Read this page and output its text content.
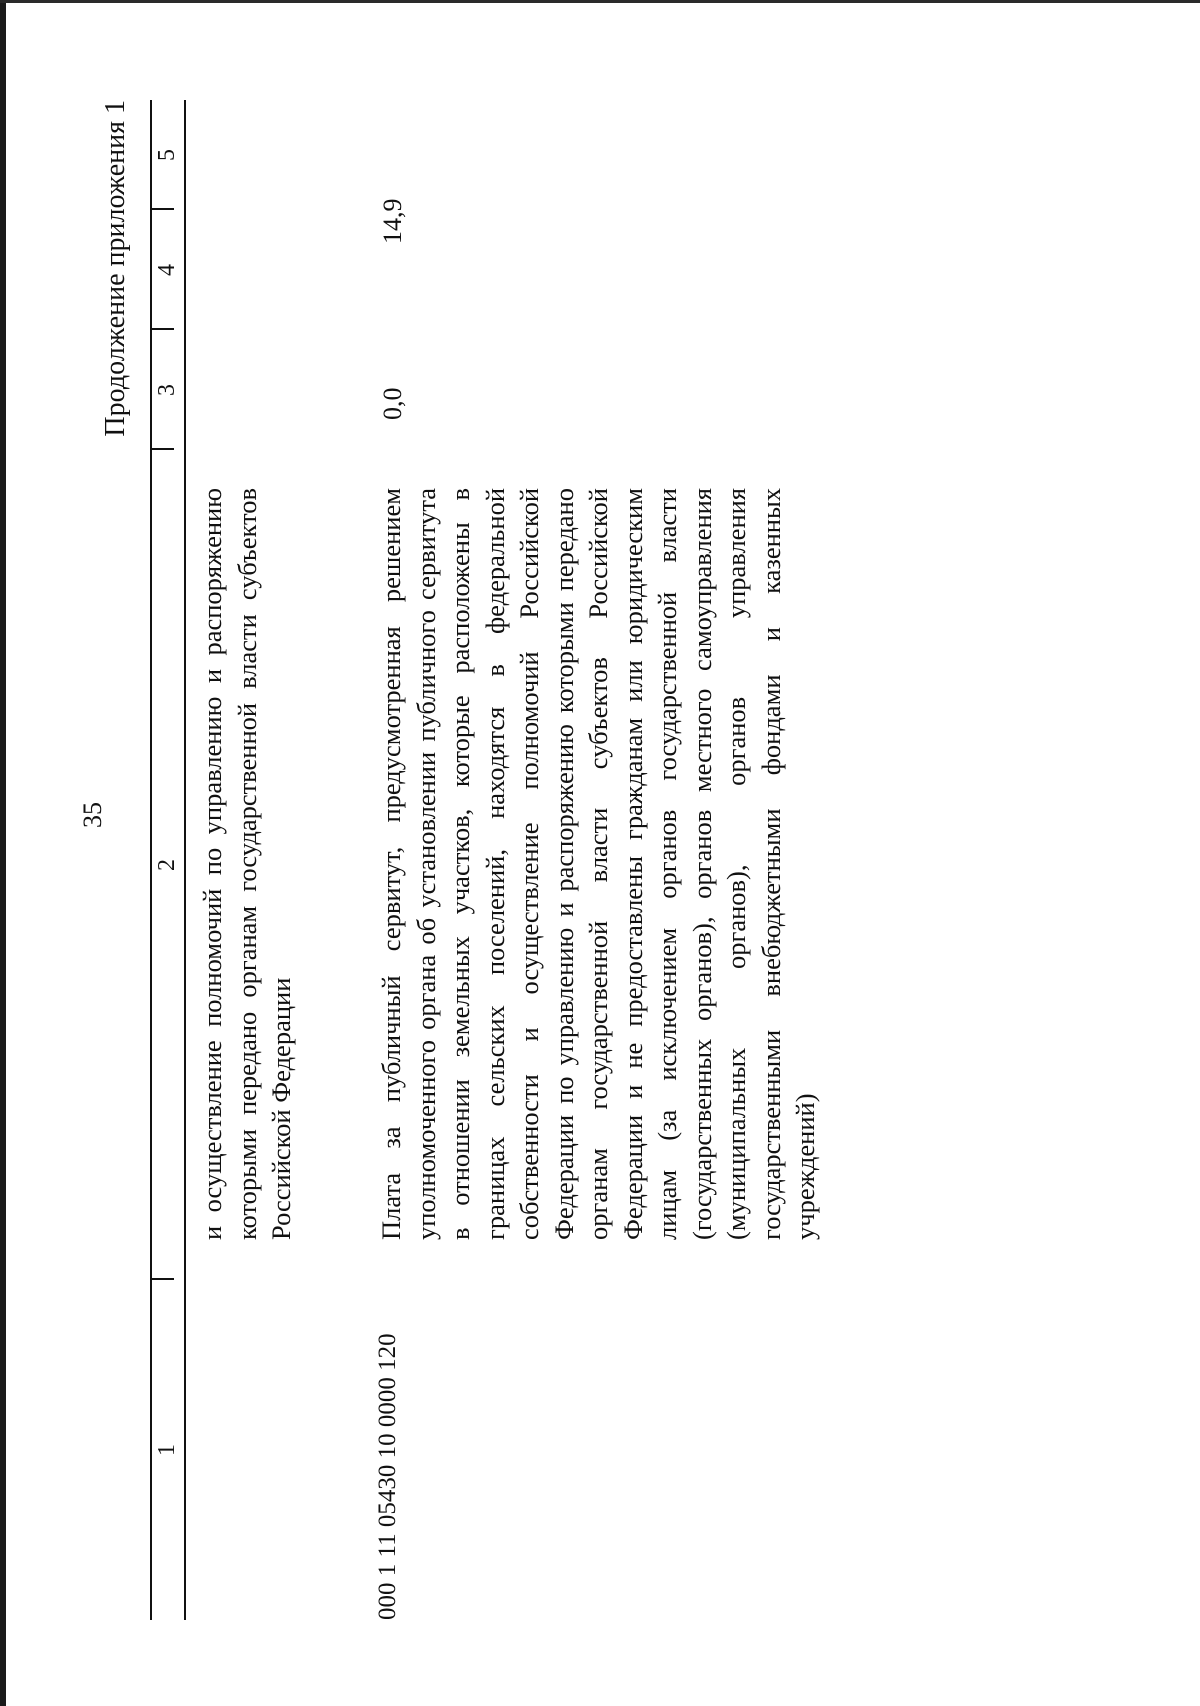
35
Продолжение приложения 1
1
2
3
4
5

и осуществление полномочий по управлению и распоряжению которыми передано органам государственной власти субъектов Российской Федерации

000 1 11 05430 10 0000 120

Плата за публичный сервитут, предусмотренная решением уполномоченного органа об установлении публичного сервитута в отношении земельных участков, которые расположены в границах сельских поселений, находятся в федеральной собственности и осуществление полномочий Российской Федерации по управлению и распоряжению которыми передано органам государственной власти субъектов Российской Федерации и не предоставлены гражданам или юридическим лицам (за исключением органов государственной власти (государственных органов), органов местного самоуправления (муниципальных органов), органов управления государственными внебюджетными фондами и казенных учреждений)

0,0
14,9
